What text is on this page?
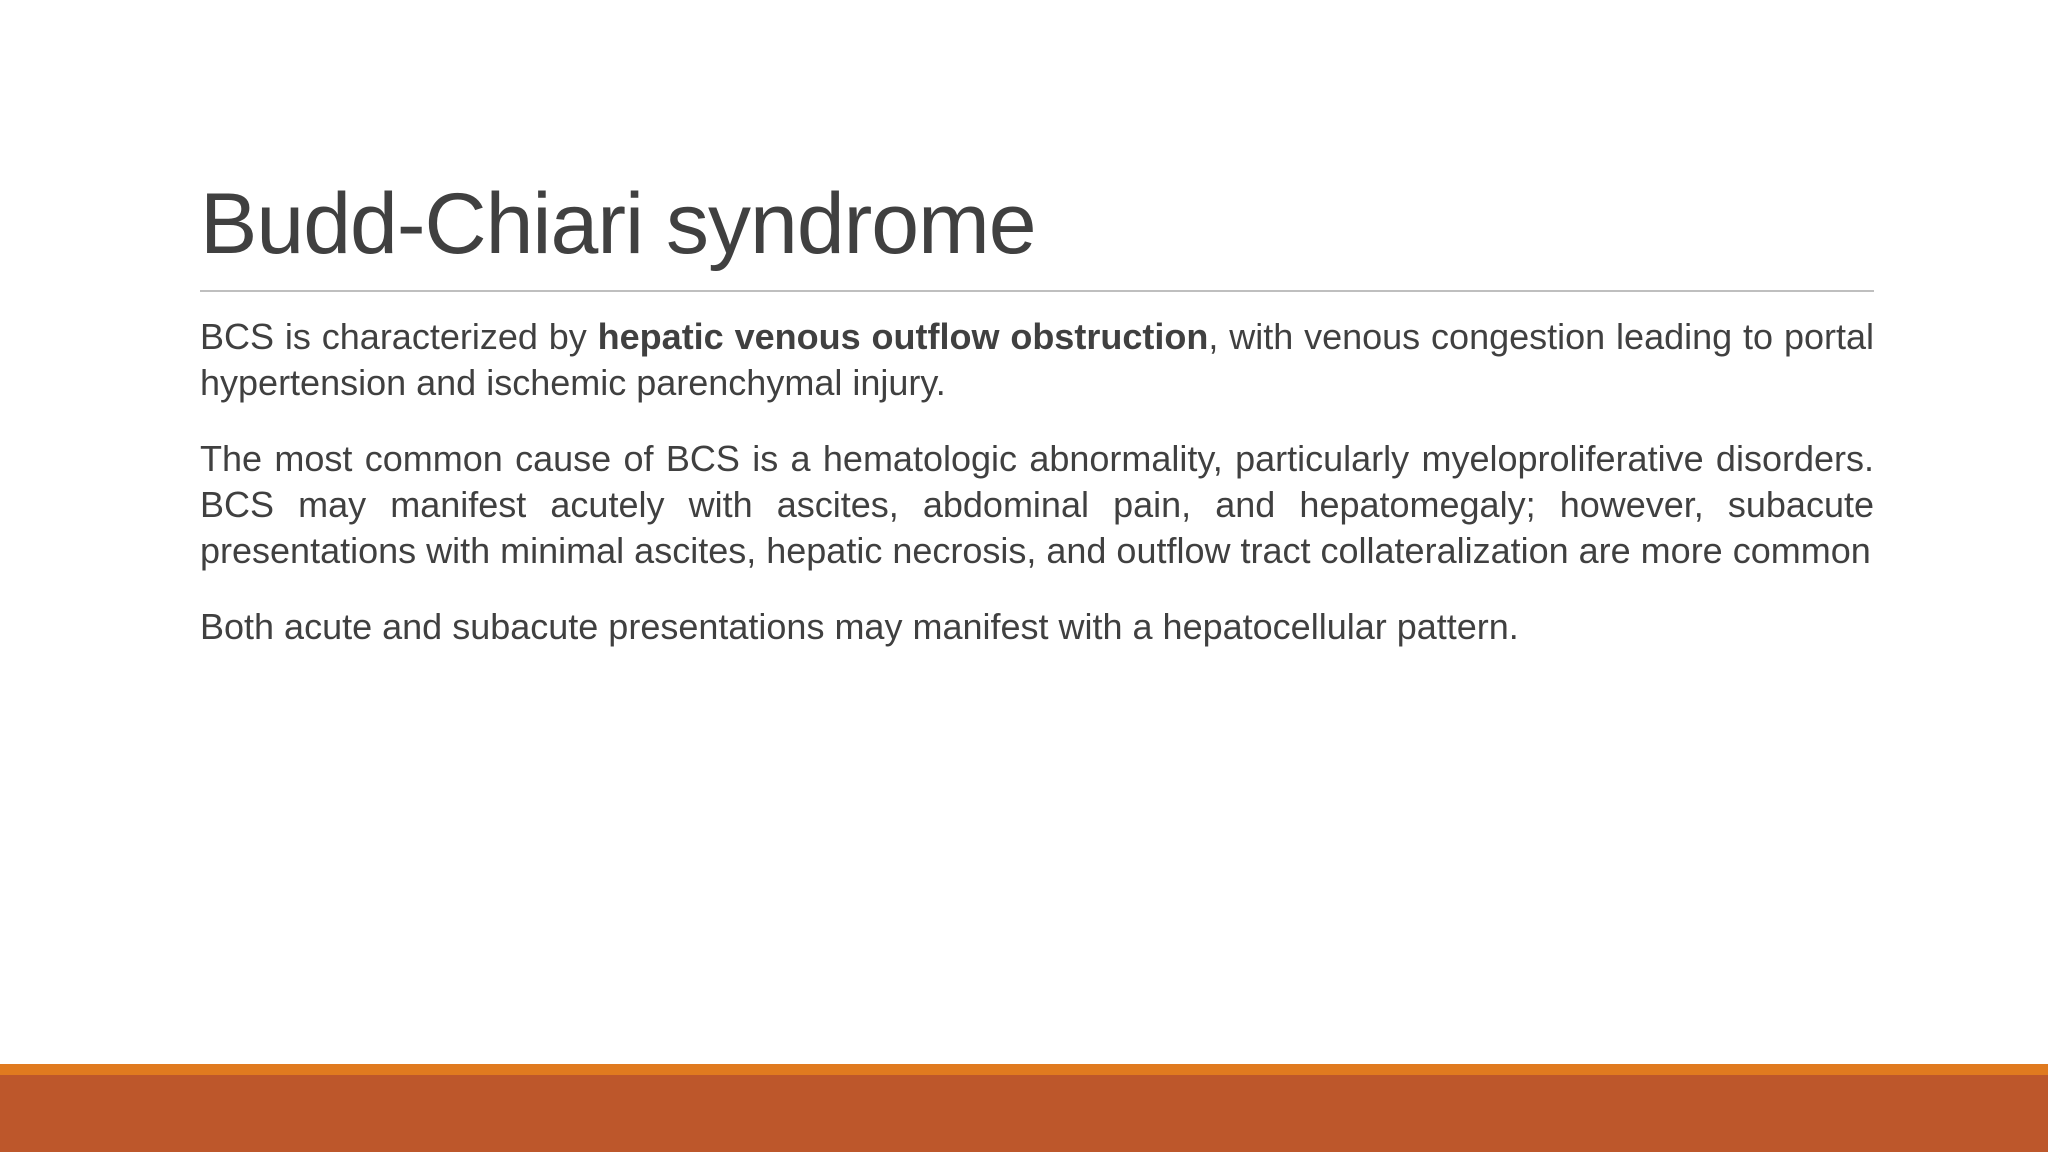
Budd-Chiari syndrome

BCS is characterized by hepatic venous outflow obstruction, with venous congestion leading to portal hypertension and ischemic parenchymal injury.

The most common cause of BCS is a hematologic abnormality, particularly myeloproliferative disorders. BCS may manifest acutely with ascites, abdominal pain, and hepatomegaly; however, subacute presentations with minimal ascites, hepatic necrosis, and outflow tract collateralization are more common

Both acute and subacute presentations may manifest with a hepatocellular pattern.
